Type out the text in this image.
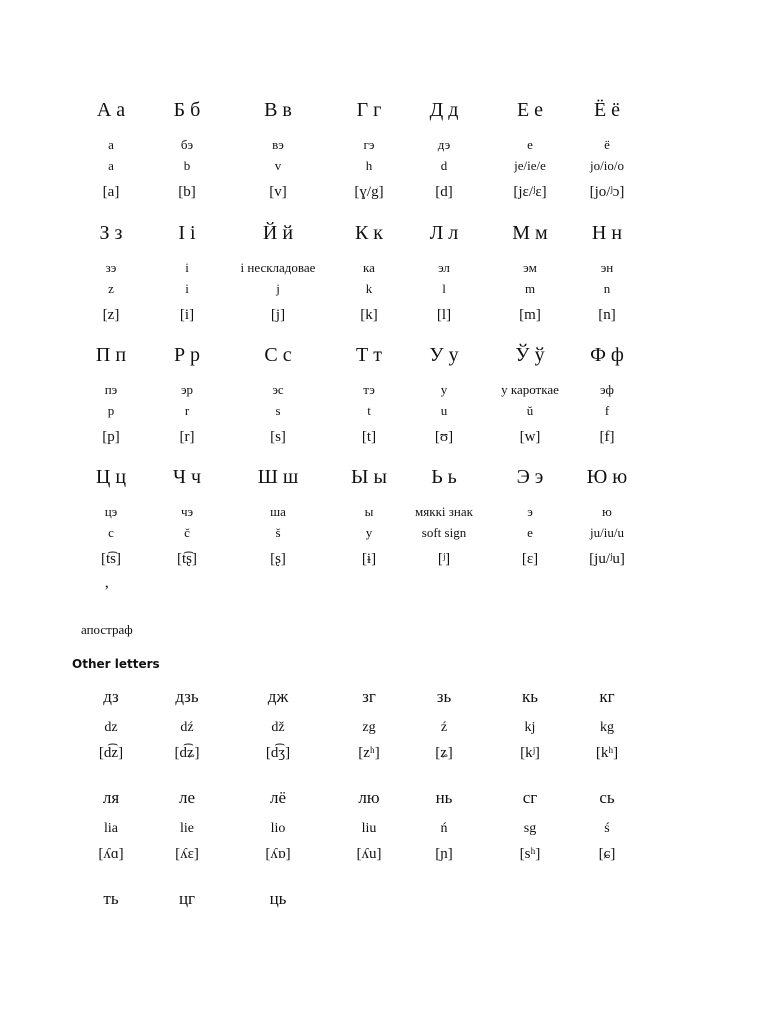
А а
а
a
[a]
Б б
бэ
b
[b]
В в
вэ
v
[v]
Г г
гэ
h
[ɣ/g]
Д д
дэ
d
[d]
Е е
е
je/ie/e
[jɛ/ʲɛ]
Ё ё
ё
jo/io/o
[jo/ʲɔ]
З з
зэ
z
[z]
І і
і
i
[i]
Й й
і нескладовае
j
[j]
К к
ка
k
[k]
Л л
эл
l
[l]
М м
эм
m
[m]
Н н
эн
n
[n]
П п
пэ
p
[p]
Р р
эр
r
[r]
С с
эс
s
[s]
Т т
тэ
t
[t]
У у
у
u
[ʊ]
Ў ў
у кароткае
ŭ
[w]
Ф ф
эф
f
[f]
Ц ц
цэ
c
[t͡s]
Ч ч
чэ
č
[t͡ʂ]
Ш ш
ша
š
[ʂ]
Ы ы
ы
y
[ɨ]
Ь ь
мяккі знак
soft sign
[ʲ]
Э э
э
e
[ɛ]
Ю ю
ю
ju/iu/u
[ju/ʲu]
’
апостраф
Other letters
дз
dz
[d͡z]
дзь
dź
[d͡ʑ]
дж
dž
[d͡ʒ]
зг
zg
[zʰ]
зь
ź
[ʑ]
кь
kj
[kʲ]
кг
kg
[kʰ]
ля
lia
[ʎɑ]
ле
lie
[ʎɛ]
лё
lio
[ʎɒ]
лю
liu
[ʎu]
нь
ń
[ɲ]
сг
sg
[sʰ]
сь
ś
[ɕ]
ть	цг	ць
